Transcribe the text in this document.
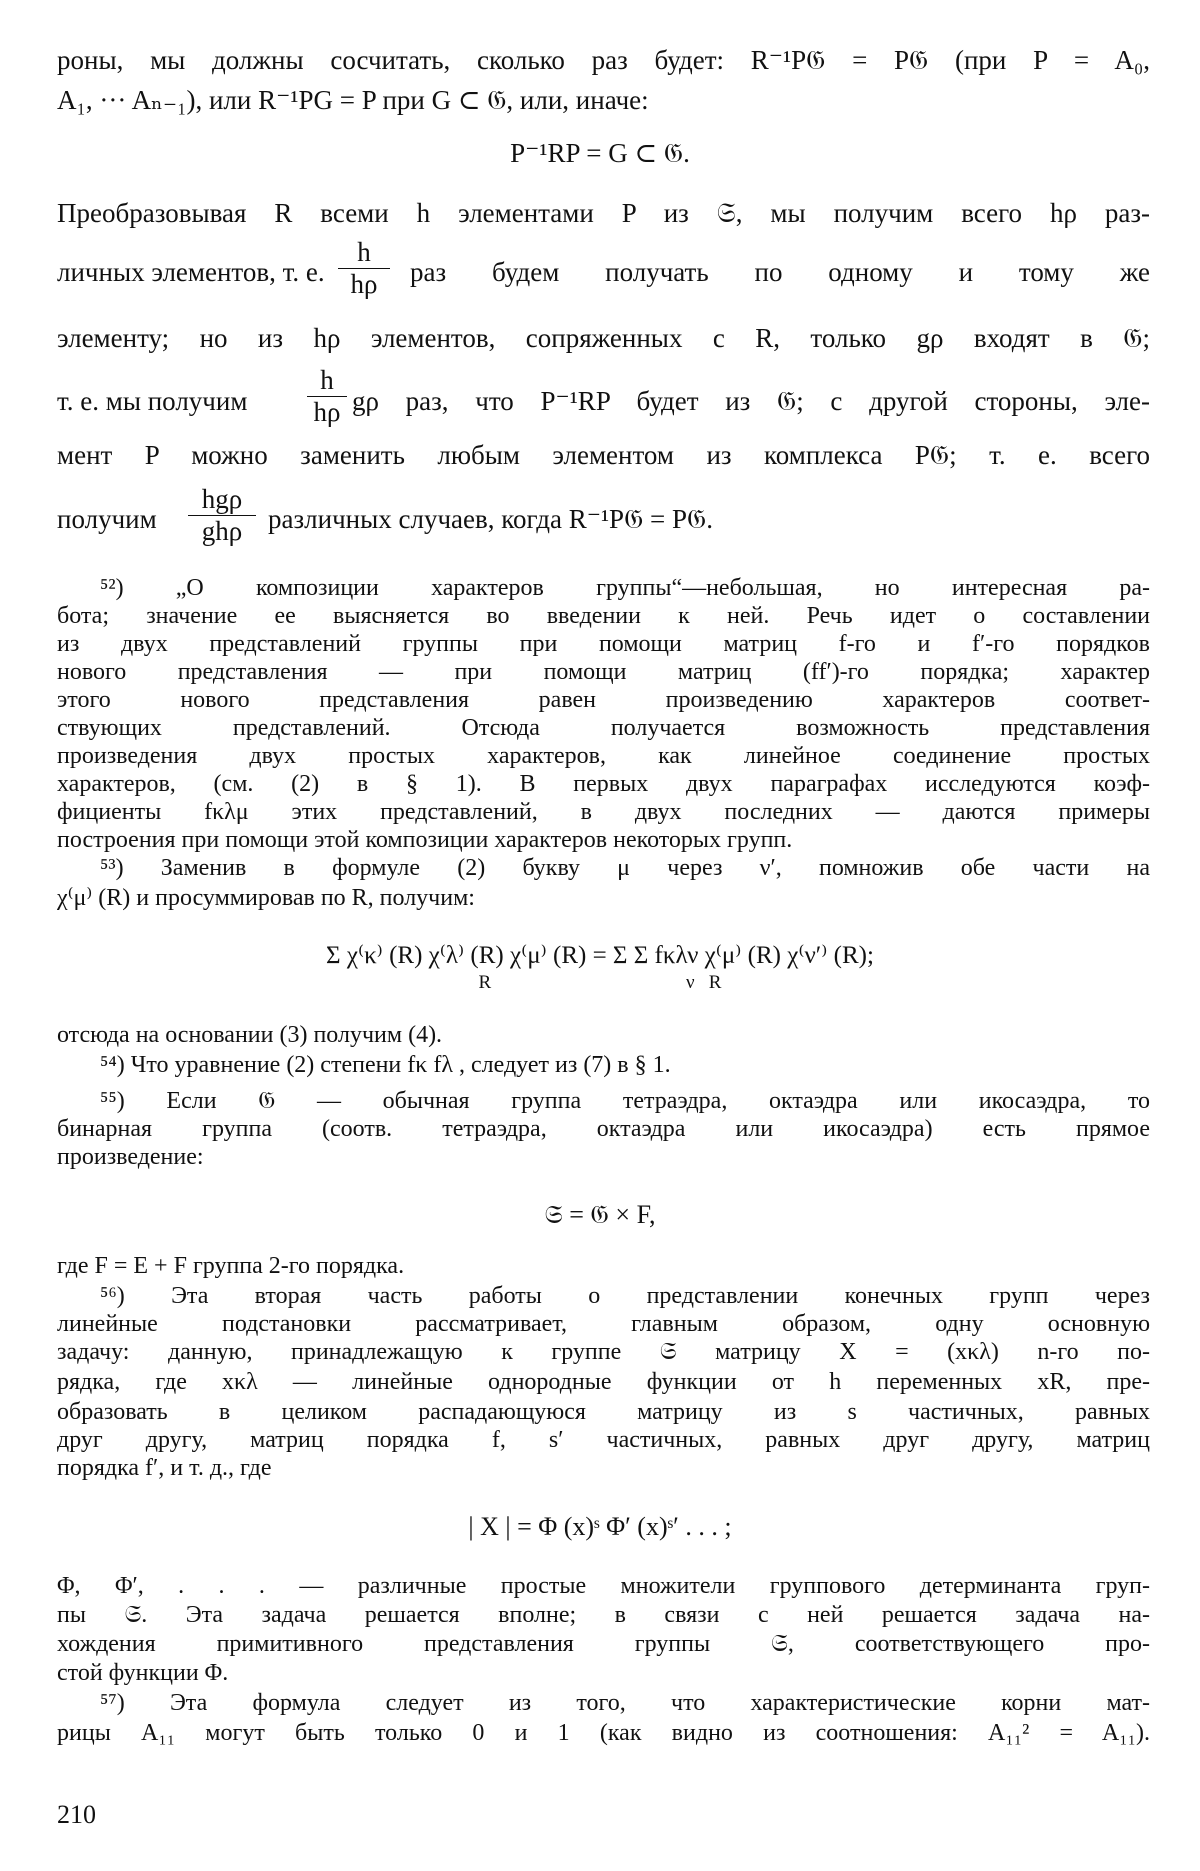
роны, мы должны сосчитать, сколько раз будет: R⁻¹P𝔊 = P𝔊 (при P = A₀,
A₁, ··· Aₙ₋₁), или R⁻¹PG = P при G ⊂ 𝔊, или, иначе:
P⁻¹RP = G ⊂ 𝔊.
Преобразовывая R всеми h элементами P из 𝔖, мы получим всего hρ раз-
личных элементов, т. е. $\frac{h}{h\rho}$ раз будем получать по одному и тому же
элементу; но из hρ элементов, сопряженных с R, только gρ входят в 𝔊;
т. е. мы получим $\frac{h}{h\rho}$ gρ раз, что P⁻¹RP будет из 𝔊; с другой стороны, эле-
мент P можно заменить любым элементом из комплекса P𝔊; т. е. всего
получим
hgρ
ghρ различных случаев, когда R⁻¹P𝔊 = P𝔊.
⁵²) „О композиции характеров группы“—небольшая, но интересная ра-
бота; значение ее выясняется во введении к ней. Речь идет о составлении
из двух представлений группы при помощи матриц f-го и f′-го порядков
нового представления — при помощи матриц (ff′)-го порядка; характер
этого нового представления равен произведению характеров соответ-
ствующих представлений. Отсюда получается возможность представления
произведения двух простых характеров, как линейное соединение простых
характеров, (см. (2) в § 1). В первых двух параграфах исследуются коэф-
фициенты fκλμ этих представлений, в двух последних — даются примеры
построения при помощи этой композиции характеров некоторых групп.
⁵³) Заменив в формуле (2) букву μ через ν′, помножив обе части на
χ⁽μ⁾ (R) и просуммировав по R, получим:
Σ χ⁽κ⁾ (R) χ⁽λ⁾ (R) χ⁽μ⁾ (R) = Σ Σ fκλν χ⁽μ⁾ (R) χ⁽ν′⁾ (R);
R                                         ν   R
отсюда на основании (3) получим (4).
⁵⁴) Что уравнение (2) степени fκ fλ , следует из (7) в § 1.
⁵⁵) Если 𝔊 — обычная группа тетраэдра, октаэдра или икосаэдра, то
бинарная группа (соотв. тетраэдра, октаэдра или икосаэдра) есть прямое
произведение:
𝔖 = 𝔊 × F,
где F = E + F группа 2-го порядка.
⁵⁶) Эта вторая часть работы о представлении конечных групп через
линейные подстановки рассматривает, главным образом, одну основную
задачу: данную, принадлежащую к группе 𝔖 матрицу X = (xκλ) n-го по-
рядка, где xκλ — линейные однородные функции от h переменных xR, пре-
образовать в целиком распадающуюся матрицу из s частичных, равных
друг другу, матриц порядка f, s′ частичных, равных друг другу, матриц
порядка f′, и т. д., где
| X | = Φ (x)ˢ Φ′ (x)ˢ′ . . . ;
Φ, Φ′, . . . — различные простые множители группового детерминанта груп-
пы 𝔖. Эта задача решается вполне; в связи с ней решается задача на-
хождения примитивного представления группы 𝔖, соответствующего про-
стой функции Φ.
⁵⁷) Эта формула следует из того, что характеристические корни мат-
рицы A₁₁ могут быть только 0 и 1 (как видно из соотношения: A₁₁² = A₁₁).
210
